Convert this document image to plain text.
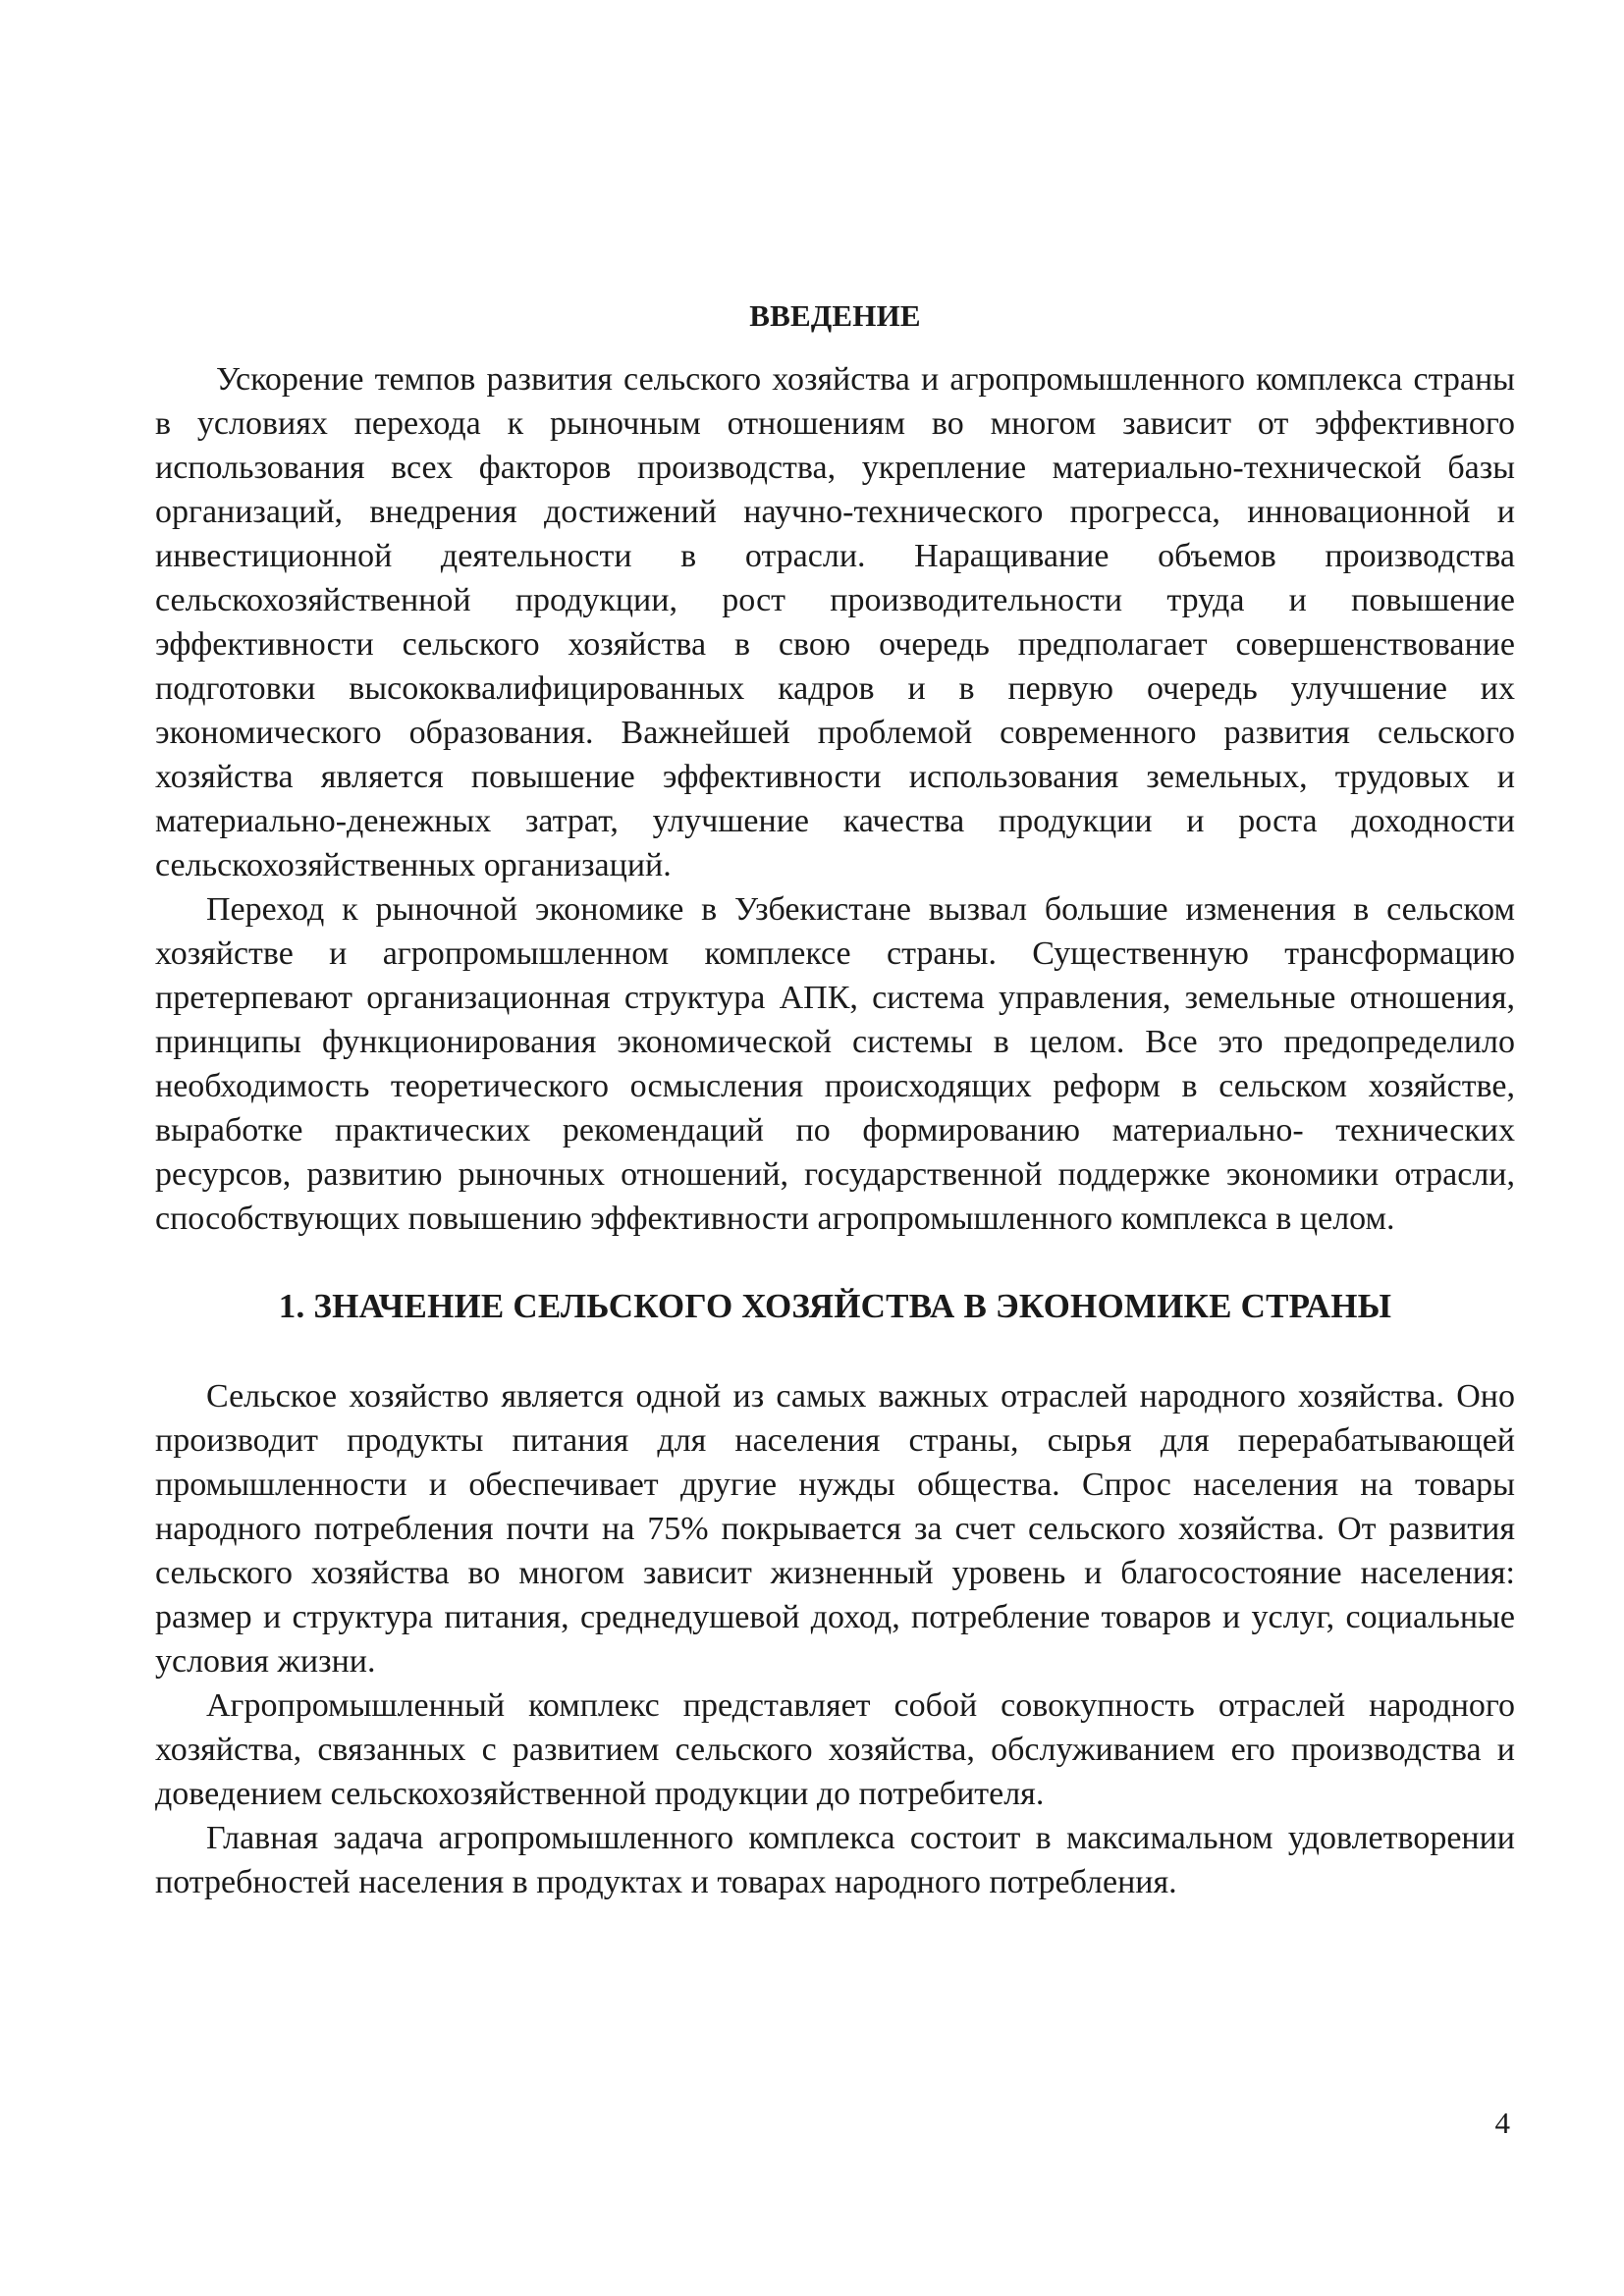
ВВЕДЕНИЕ

Ускорение темпов развития сельского хозяйства и агропромышленного комплекса страны в условиях перехода к рыночным отношениям во многом зависит от эффективного использования всех факторов производства, укрепление материально-технической базы организаций, внедрения достижений научно-технического прогресса, инновационной и инвестиционной деятельности в отрасли. Наращивание объемов производства сельскохозяйственной продукции, рост производительности труда и повышение эффективности сельского хозяйства в свою очередь предполагает совершенствование подготовки высококвалифицированных кадров и в первую очередь улучшение их экономического образования. Важнейшей проблемой современного развития сельского хозяйства является повышение эффективности использования земельных, трудовых и материально-денежных затрат, улучшение качества продукции и роста доходности сельскохозяйственных организаций.

Переход к рыночной экономике в Узбекистане вызвал большие изменения в сельском хозяйстве и агропромышленном комплексе страны. Существенную трансформацию претерпевают организационная структура АПК, система управления, земельные отношения, принципы функционирования экономической системы в целом. Все это предопределило необходимость теоретического осмысления происходящих реформ в сельском хозяйстве, выработке практических рекомендаций по формированию материально- технических ресурсов, развитию рыночных отношений, государственной поддержке экономики отрасли, способствующих повышению эффективности агропромышленного комплекса в целом.

1. ЗНАЧЕНИЕ СЕЛЬСКОГО ХОЗЯЙСТВА В ЭКОНОМИКЕ СТРАНЫ

Сельское хозяйство является одной из самых важных отраслей народного хозяйства. Оно производит продукты питания для населения страны, сырья для перерабатывающей промышленности и обеспечивает другие нужды общества. Спрос населения на товары народного потребления почти на 75% покрывается за счет сельского хозяйства. От развития сельского хозяйства во многом зависит жизненный уровень и благосостояние населения: размер и структура питания, среднедушевой доход, потребление товаров и услуг, социальные условия жизни.

Агропромышленный комплекс представляет собой совокупность отраслей народного хозяйства, связанных с развитием сельского хозяйства, обслуживанием его производства и доведением сельскохозяйственной продукции до потребителя.

Главная задача агропромышленного комплекса состоит в максимальном удовлетворении потребностей населения в продуктах и товарах народного потребления.

4
